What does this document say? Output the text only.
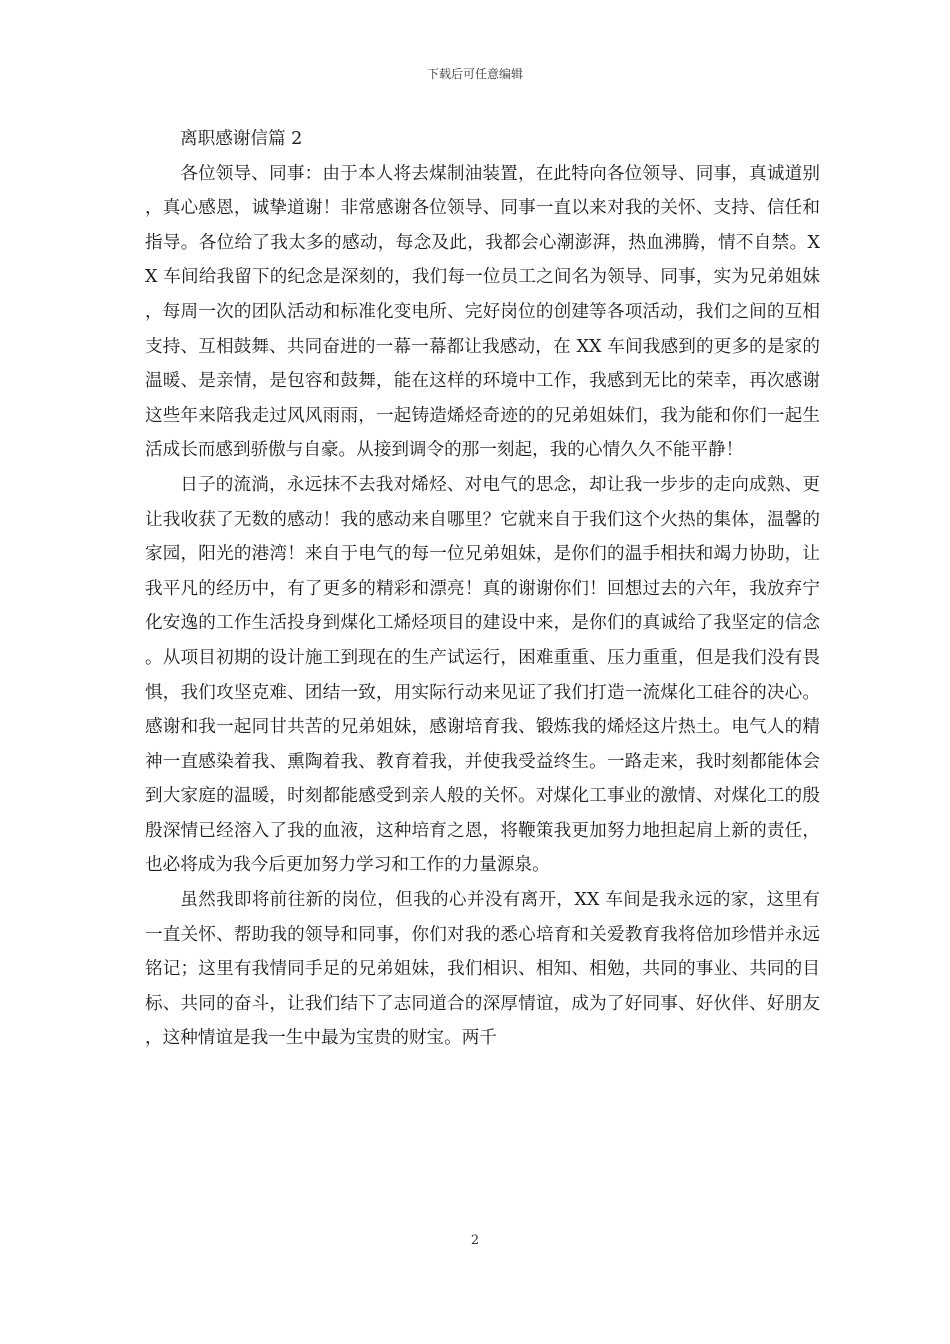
下载后可任意编辑

离职感谢信篇 2

各位领导、同事：由于本人将去煤制油装置，在此特向各位领导、同事，真诚道别，真心感恩，诚挚道谢！非常感谢各位领导、同事一直以来对我的关怀、支持、信任和指导。各位给了我太多的感动，每念及此，我都会心潮澎湃，热血沸腾，情不自禁。XX 车间给我留下的纪念是深刻的，我们每一位员工之间名为领导、同事，实为兄弟姐妹，每周一次的团队活动和标准化变电所、完好岗位的创建等各项活动，我们之间的互相支持、互相鼓舞、共同奋进的一幕一幕都让我感动，在 XX 车间我感到的更多的是家的温暖、是亲情，是包容和鼓舞，能在这样的环境中工作，我感到无比的荣幸，再次感谢这些年来陪我走过风风雨雨，一起铸造烯烃奇迹的的兄弟姐妹们，我为能和你们一起生活成长而感到骄傲与自豪。从接到调令的那一刻起，我的心情久久不能平静！

日子的流淌，永远抹不去我对烯烃、对电气的思念，却让我一步步的走向成熟、更让我收获了无数的感动！我的感动来自哪里？它就来自于我们这个火热的集体，温馨的家园，阳光的港湾！来自于电气的每一位兄弟姐妹，是你们的温手相扶和竭力协助，让我平凡的经历中，有了更多的精彩和漂亮！真的谢谢你们！回想过去的六年，我放弃宁化安逸的工作生活投身到煤化工烯烃项目的建设中来，是你们的真诚给了我坚定的信念。从项目初期的设计施工到现在的生产试运行，困难重重、压力重重，但是我们没有畏惧，我们攻坚克难、团结一致，用实际行动来见证了我们打造一流煤化工硅谷的决心。感谢和我一起同甘共苦的兄弟姐妹，感谢培育我、锻炼我的烯烃这片热土。电气人的精神一直感染着我、熏陶着我、教育着我，并使我受益终生。一路走来，我时刻都能体会到大家庭的温暖，时刻都能感受到亲人般的关怀。对煤化工事业的激情、对煤化工的殷殷深情已经溶入了我的血液，这种培育之恩，将鞭策我更加努力地担起肩上新的责任，也必将成为我今后更加努力学习和工作的力量源泉。

虽然我即将前往新的岗位，但我的心并没有离开，XX 车间是我永远的家，这里有一直关怀、帮助我的领导和同事，你们对我的悉心培育和关爱教育我将倍加珍惜并永远铭记；这里有我情同手足的兄弟姐妹，我们相识、相知、相勉，共同的事业、共同的目标、共同的奋斗，让我们结下了志同道合的深厚情谊，成为了好同事、好伙伴、好朋友，这种情谊是我一生中最为宝贵的财宝。两千

2
